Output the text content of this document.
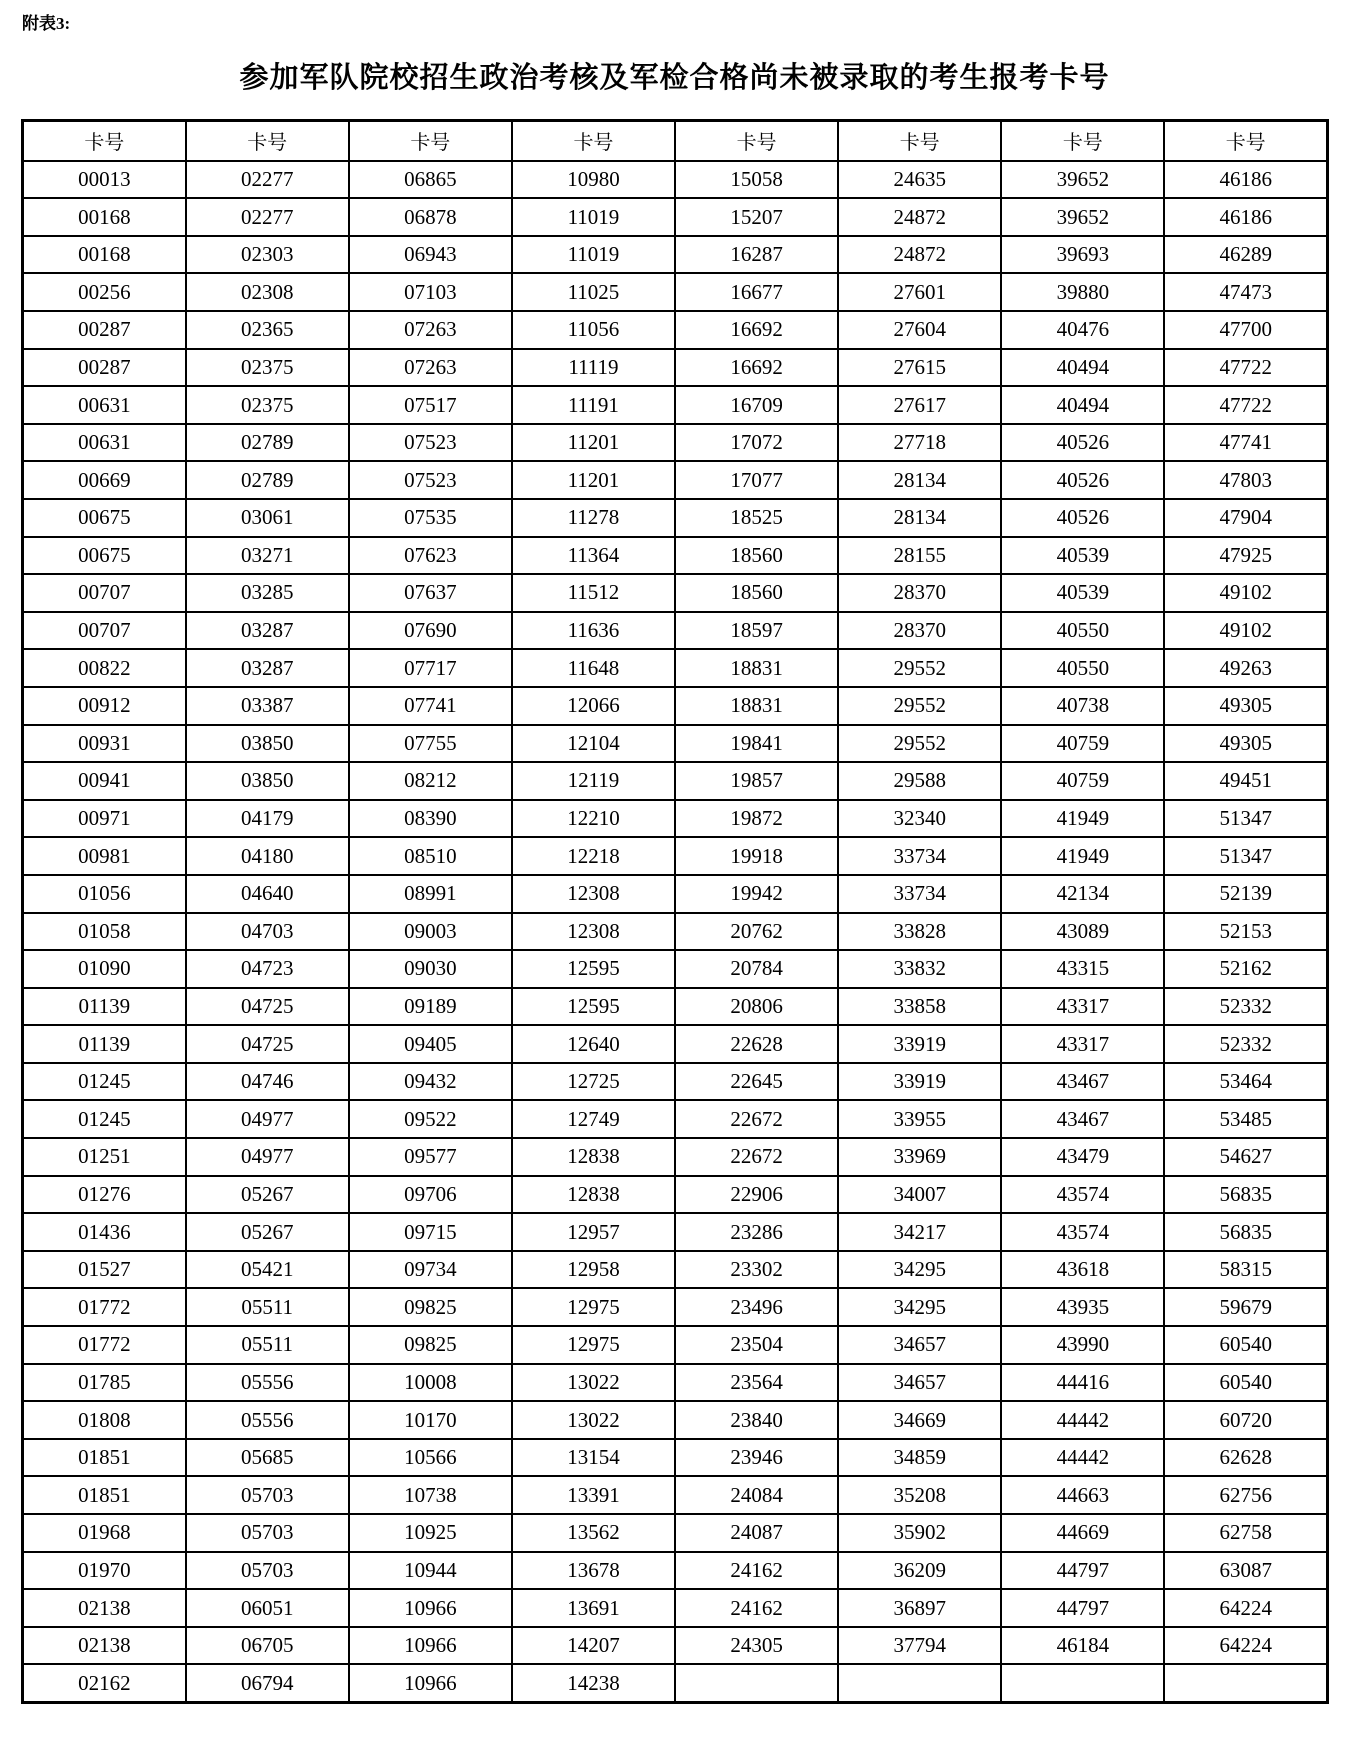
附表3:
参加军队院校招生政治考核及军检合格尚未被录取的考生报考卡号
卡号	卡号	卡号	卡号	卡号	卡号	卡号	卡号
00013	02277	06865	10980	15058	24635	39652	46186
00168	02277	06878	11019	15207	24872	39652	46186
00168	02303	06943	11019	16287	24872	39693	46289
00256	02308	07103	11025	16677	27601	39880	47473
00287	02365	07263	11056	16692	27604	40476	47700
00287	02375	07263	11119	16692	27615	40494	47722
00631	02375	07517	11191	16709	27617	40494	47722
00631	02789	07523	11201	17072	27718	40526	47741
00669	02789	07523	11201	17077	28134	40526	47803
00675	03061	07535	11278	18525	28134	40526	47904
00675	03271	07623	11364	18560	28155	40539	47925
00707	03285	07637	11512	18560	28370	40539	49102
00707	03287	07690	11636	18597	28370	40550	49102
00822	03287	07717	11648	18831	29552	40550	49263
00912	03387	07741	12066	18831	29552	40738	49305
00931	03850	07755	12104	19841	29552	40759	49305
00941	03850	08212	12119	19857	29588	40759	49451
00971	04179	08390	12210	19872	32340	41949	51347
00981	04180	08510	12218	19918	33734	41949	51347
01056	04640	08991	12308	19942	33734	42134	52139
01058	04703	09003	12308	20762	33828	43089	52153
01090	04723	09030	12595	20784	33832	43315	52162
01139	04725	09189	12595	20806	33858	43317	52332
01139	04725	09405	12640	22628	33919	43317	52332
01245	04746	09432	12725	22645	33919	43467	53464
01245	04977	09522	12749	22672	33955	43467	53485
01251	04977	09577	12838	22672	33969	43479	54627
01276	05267	09706	12838	22906	34007	43574	56835
01436	05267	09715	12957	23286	34217	43574	56835
01527	05421	09734	12958	23302	34295	43618	58315
01772	05511	09825	12975	23496	34295	43935	59679
01772	05511	09825	12975	23504	34657	43990	60540
01785	05556	10008	13022	23564	34657	44416	60540
01808	05556	10170	13022	23840	34669	44442	60720
01851	05685	10566	13154	23946	34859	44442	62628
01851	05703	10738	13391	24084	35208	44663	62756
01968	05703	10925	13562	24087	35902	44669	62758
01970	05703	10944	13678	24162	36209	44797	63087
02138	06051	10966	13691	24162	36897	44797	64224
02138	06705	10966	14207	24305	37794	46184	64224
02162	06794	10966	14238				
